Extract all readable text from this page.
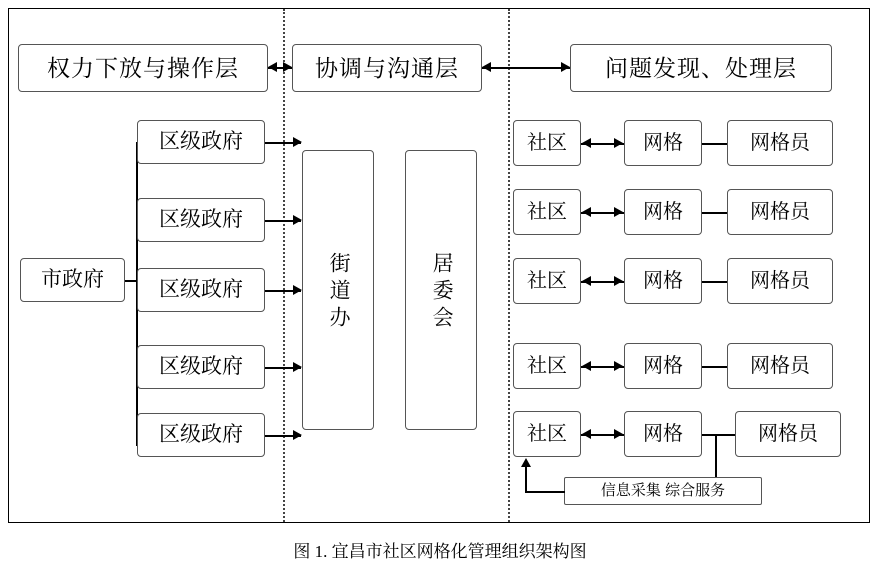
权力下放与操作层	协调与沟通层	问题发现、处理层
市政府
区级政府
区级政府
区级政府
区级政府
区级政府
街道办	居委会
社区	网格	网格员
社区	网格	网格员
社区	网格	网格员
社区	网格	网格员
社区	网格	网格员
信息采集 综合服务
图 1. 宜昌市社区网格化管理组织架构图
